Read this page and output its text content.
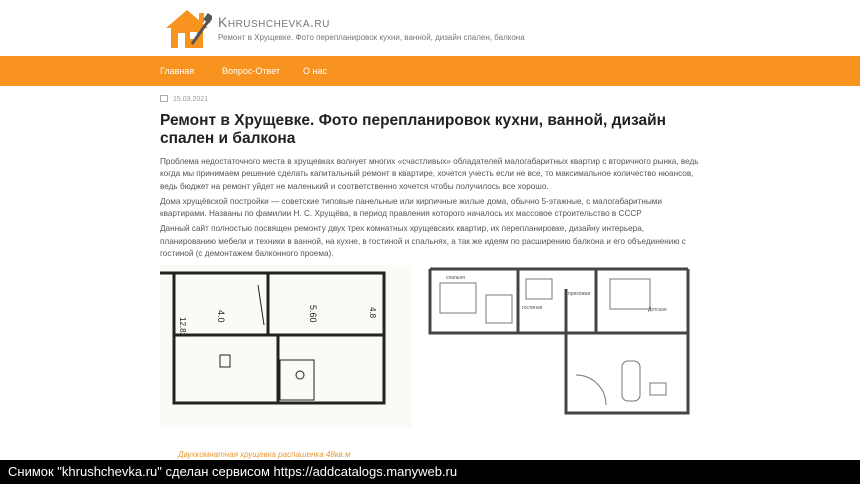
Khrushchevka.ru
Ремонт в Хрущевке. Фото перепланировок кухни, ванной, дизайн спален, балкона
Главная	Вопрос-Ответ	О нас
15.03.2021
Ремонт в Хрущевке. Фото перепланировок кухни, ванной, дизайн спален и балкона

Проблема недостаточного места в хрущевках волнует многих «счастливых» обладателей малогабаритных квартир с вторичного рынка, ведь когда мы принимаем решение сделать капитальный ремонт в квартире, хочется учесть если не все, то максимальное количество нюансов, ведь бюджет на ремонт уйдет не маленький и соответственно хочется чтобы получилось все хорошо.

Дома хрущёвской постройки — советские типовые панельные или кирпичные жилые дома, обычно 5-этажные, с малогабаритными квартирами. Названы по фамилии Н. С. Хрущёва, в период правления которого началось их массовое строительство в СССР

Данный сайт полностью посвящен ремонту двух трех комнатных хрущевских квартир, их перепланировке, дизайну интерьера, планированию мебели и техники в ванной, на кухне, в гостиной и спальнях, а так же идеям по расширению балкона и его объединению с гостиной (с демонтажем балконного проема).

12.82
4.0	5.60	4.8
спальня
гостиная
прихожая
Детская
Двухкомнатная хрущевка распашенка 48кв.м
Снимок "khrushchevka.ru" сделан сервисом https://addcatalogs.manyweb.ru
